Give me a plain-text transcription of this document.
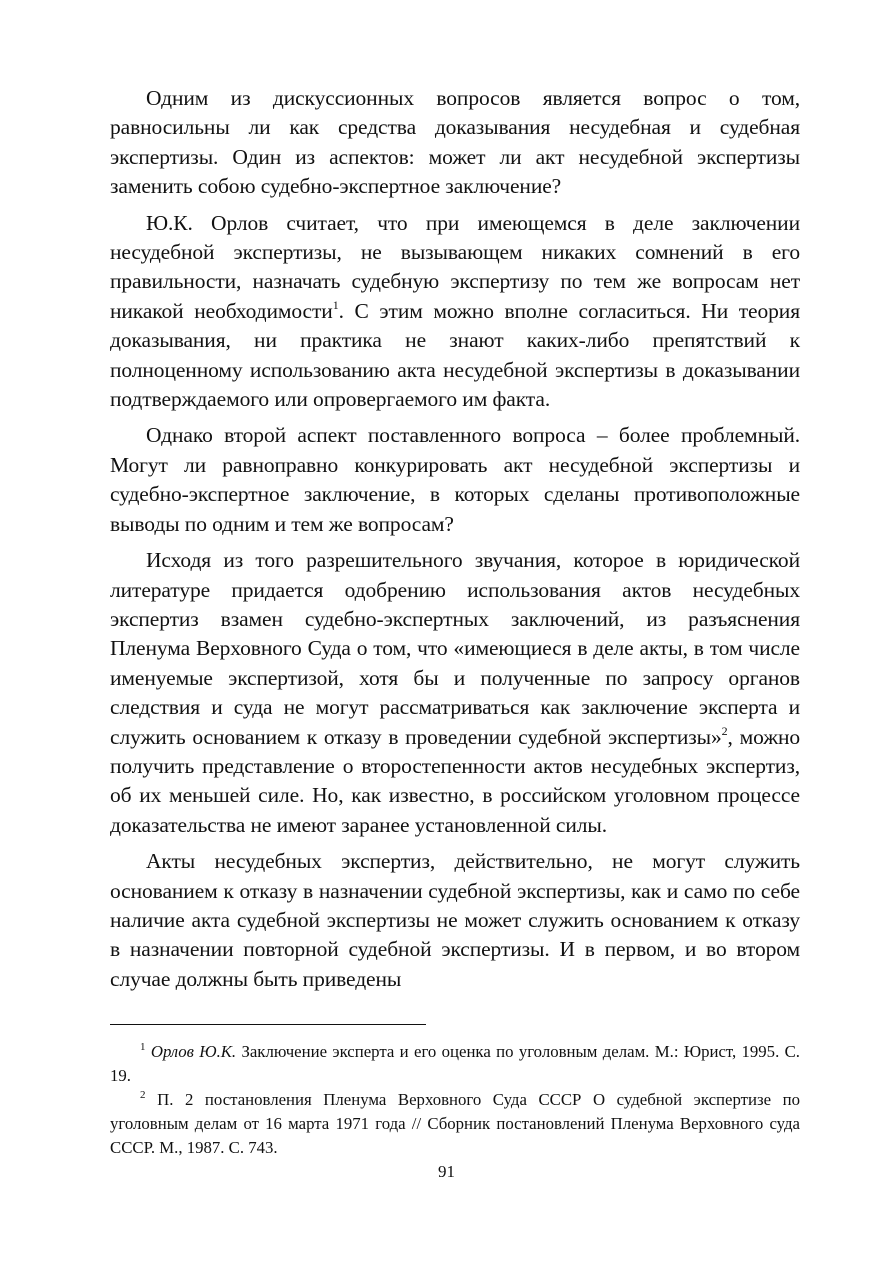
Одним из дискуссионных вопросов является вопрос о том, равносильны ли как средства доказывания несудебная и судебная экспертизы. Один из аспектов: может ли акт несудебной экспертизы заменить собою судебно-экспертное заключение?

Ю.К. Орлов считает, что при имеющемся в деле заключении несудебной экспертизы, не вызывающем никаких сомнений в его правильности, назначать судебную экспертизу по тем же вопросам нет никакой необходимости$^1$. С этим можно вполне согласиться. Ни теория доказывания, ни практика не знают каких-либо препятствий к полноценному использованию акта несудебной экспертизы в доказывании подтверждаемого или опровергаемого им факта.

Однако второй аспект поставленного вопроса – более проблемный. Могут ли равноправно конкурировать акт несудебной экспертизы и судебно-экспертное заключение, в которых сделаны противоположные выводы по одним и тем же вопросам?

Исходя из того разрешительного звучания, которое в юридической литературе придается одобрению использования актов несудебных экспертиз взамен судебно-экспертных заключений, из разъяснения Пленума Верховного Суда о том, что «имеющиеся в деле акты, в том числе именуемые экспертизой, хотя бы и полученные по запросу органов следствия и суда не могут рассматриваться как заключение эксперта и служить основанием к отказу в проведении судебной экспертизы»$^2$, можно получить представление о второстепенности актов несудебных экспертиз, об их меньшей силе. Но, как известно, в российском уголовном процессе доказательства не имеют заранее установленной силы.

Акты несудебных экспертиз, действительно, не могут служить основанием к отказу в назначении судебной экспертизы, как и само по себе наличие акта судебной экспертизы не может служить основанием к отказу в назначении повторной судебной экспертизы. И в первом, и во втором случае должны быть приведены

$^1$ Орлов Ю.К. Заключение эксперта и его оценка по уголовным делам. М.: Юрист, 1995. С. 19.

$^2$ П. 2 постановления Пленума Верховного Суда СССР О судебной экспертизе по уголовным делам от 16 марта 1971 года // Сборник постановлений Пленума Верховного суда СССР. М., 1987. С. 743.

91
